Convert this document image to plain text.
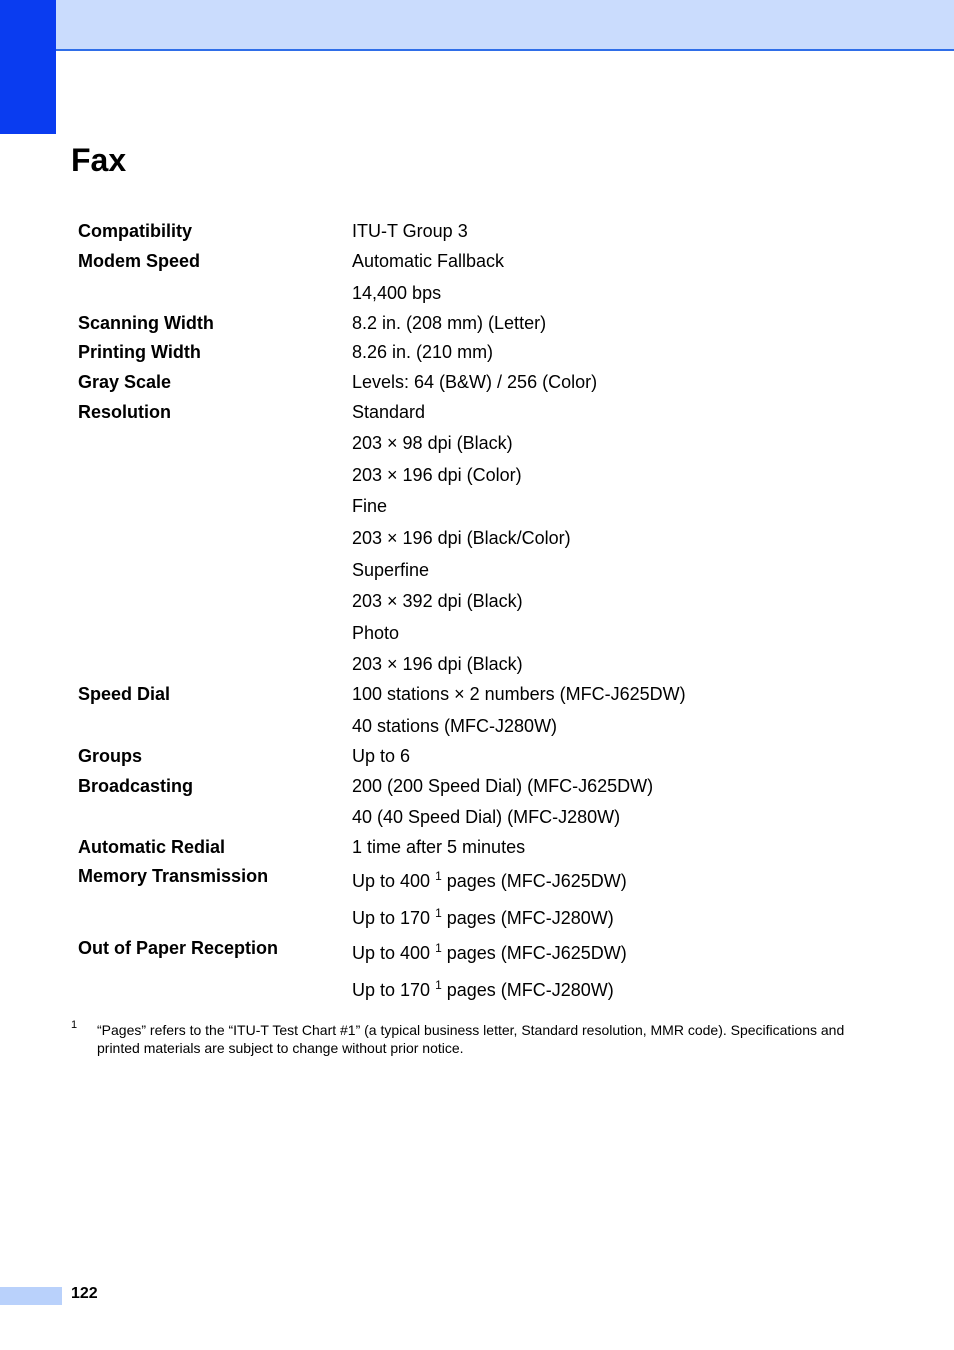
Fax
Compatibility	ITU-T Group 3
Modem Speed	Automatic Fallback
14,400 bps
Scanning Width	8.2 in. (208 mm) (Letter)
Printing Width	8.26 in. (210 mm)
Gray Scale	Levels: 64 (B&W) / 256 (Color)
Resolution	Standard
203 × 98 dpi (Black)
203 × 196 dpi (Color)
Fine
203 × 196 dpi (Black/Color)
Superfine
203 × 392 dpi (Black)
Photo
203 × 196 dpi (Black)
Speed Dial	100 stations × 2 numbers (MFC-J625DW)
40 stations (MFC-J280W)
Groups	Up to 6
Broadcasting	200 (200 Speed Dial) (MFC-J625DW)
40 (40 Speed Dial) (MFC-J280W)
Automatic Redial	1 time after 5 minutes
Memory Transmission	Up to 400 $^1$ pages (MFC-J625DW)
Up to 170 $^1$ pages (MFC-J280W)
Out of Paper Reception	Up to 400 $^1$ pages (MFC-J625DW)
Up to 170 $^1$ pages (MFC-J280W)
1 “Pages” refers to the “ITU-T Test Chart #1” (a typical business letter, Standard resolution, MMR code). Specifications and printed materials are subject to change without prior notice.
122
